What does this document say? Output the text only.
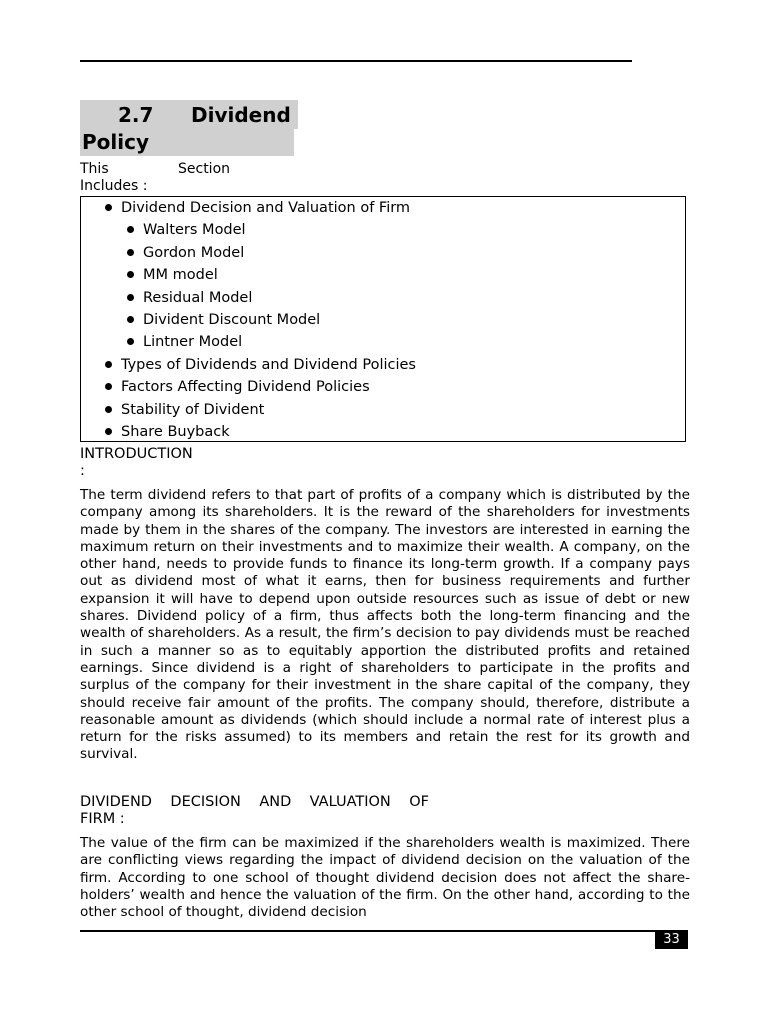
2.7 Dividend
Policy
This	Section
Includes :
Dividend Decision and Valuation of Firm
Walters Model
Gordon Model
MM model
Residual Model
Divident Discount Model
Lintner Model
Types of Dividends and Dividend Policies
Factors Affecting Dividend Policies
Stability of Divident
Share Buyback
INTRODUCTION
:

The term dividend refers to that part of profits of a company which is distributed by the company among its shareholders. It is the reward of the shareholders for investments made by them in the shares of the company. The investors are interested in earning the maximum return on their investments and to maximize their wealth. A company, on the other hand, needs to provide funds to finance its long-term growth. If a company pays out as dividend most of what it earns, then for business requirements and further expansion it will have to depend upon outside resources such as issue of debt or new shares. Dividend policy of a firm, thus affects both the long-term financing and the wealth of shareholders. As a result, the firm’s decision to pay dividends must be reached in such a manner so as to equitably apportion the distributed profits and retained earnings. Since dividend is a right of shareholders to participate in the profits and surplus of the company for their investment in the share capital of the company, they should receive fair amount of the profits. The company should, therefore, distribute a reasonable amount as dividends (which should include a normal rate of interest plus a return for the risks assumed) to its members and retain the rest for its growth and survival.

DIVIDEND    DECISION    AND    VALUATION    OF
FIRM :

The value of the firm can be maximized if the shareholders wealth is maximized. There are conflicting views regarding the impact of dividend decision on the valuation of the firm. According to one school of thought dividend decision does not affect the share-holders’ wealth and hence the valuation of the firm. On the other hand, according to the other school of thought, dividend decision

33
